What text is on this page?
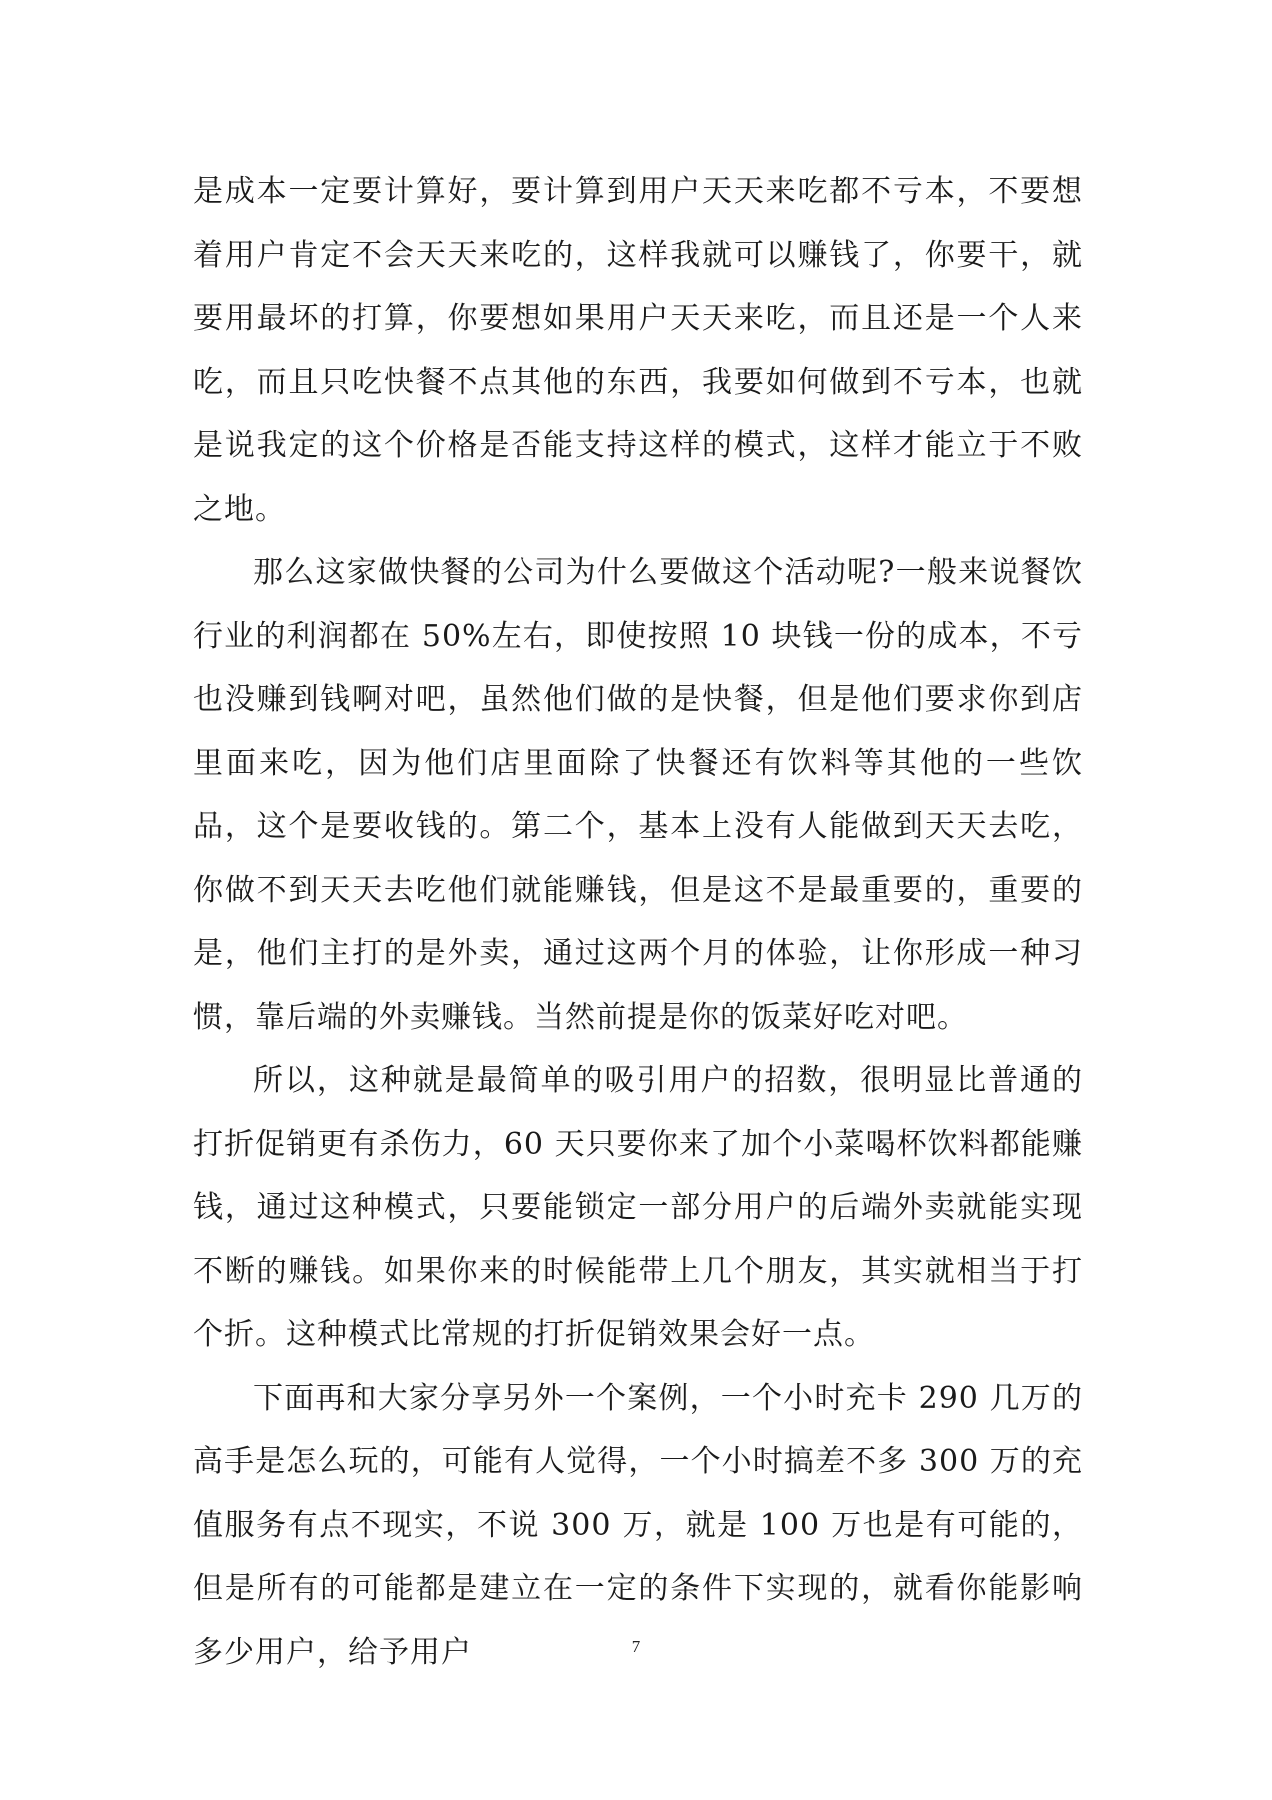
是成本一定要计算好，要计算到用户天天来吃都不亏本，不要想着用户肯定不会天天来吃的，这样我就可以赚钱了，你要干，就要用最坏的打算，你要想如果用户天天来吃，而且还是一个人来吃，而且只吃快餐不点其他的东西，我要如何做到不亏本，也就是说我定的这个价格是否能支持这样的模式，这样才能立于不败之地。

那么这家做快餐的公司为什么要做这个活动呢?一般来说餐饮行业的利润都在 50%左右，即使按照 10 块钱一份的成本，不亏也没赚到钱啊对吧，虽然他们做的是快餐，但是他们要求你到店里面来吃，因为他们店里面除了快餐还有饮料等其他的一些饮品，这个是要收钱的。第二个，基本上没有人能做到天天去吃，你做不到天天去吃他们就能赚钱，但是这不是最重要的，重要的是，他们主打的是外卖，通过这两个月的体验，让你形成一种习惯，靠后端的外卖赚钱。当然前提是你的饭菜好吃对吧。

所以，这种就是最简单的吸引用户的招数，很明显比普通的打折促销更有杀伤力，60 天只要你来了加个小菜喝杯饮料都能赚钱，通过这种模式，只要能锁定一部分用户的后端外卖就能实现不断的赚钱。如果你来的时候能带上几个朋友，其实就相当于打个折。这种模式比常规的打折促销效果会好一点。

下面再和大家分享另外一个案例，一个小时充卡 290 几万的高手是怎么玩的，可能有人觉得，一个小时搞差不多 300 万的充值服务有点不现实，不说 300 万，就是 100 万也是有可能的，但是所有的可能都是建立在一定的条件下实现的，就看你能影响多少用户，给予用户	7
